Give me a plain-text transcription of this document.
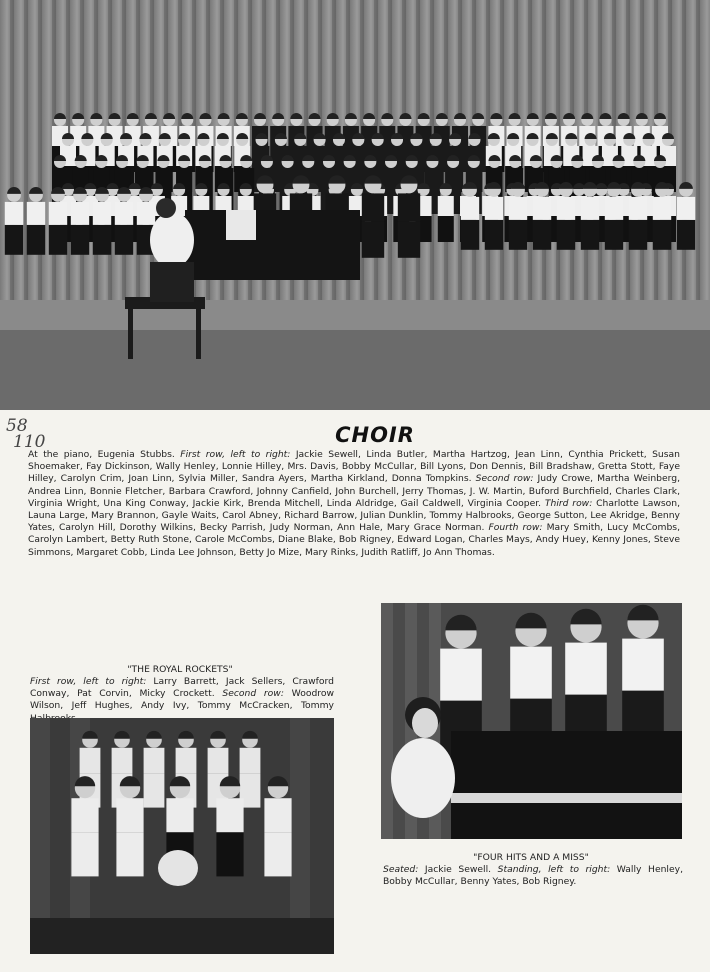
58
110	CHOIR
At the piano, Eugenia Stubbs. First row, left to right: Jackie Sewell, Linda Butler, Martha Hartzog, Jean Linn, Cynthia Prickett, Susan Shoemaker, Fay Dickinson, Wally Henley, Lonnie Hilley, Mrs. Davis, Bobby McCullar, Bill Lyons, Don Dennis, Bill Bradshaw, Gretta Stott, Faye Hilley, Carolyn Crim, Joan Linn, Sylvia Miller, Sandra Ayers, Martha Kirkland, Donna Tompkins. Second row: Judy Crowe, Martha Weinberg, Andrea Linn, Bonnie Fletcher, Barbara Crawford, Johnny Canfield, John Burchell, Jerry Thomas, J. W. Martin, Buford Burchfield, Charles Clark, Virginia Wright, Una King Conway, Jackie Kirk, Brenda Mitchell, Linda Aldridge, Gail Caldwell, Virginia Cooper. Third row: Charlotte Lawson, Launa Large, Mary Brannon, Gayle Waits, Carol Abney, Richard Barrow, Julian Dunklin, Tommy Halbrooks, George Sutton, Lee Akridge, Benny Yates, Carolyn Hill, Dorothy Wilkins, Becky Parrish, Judy Norman, Ann Hale, Mary Grace Norman. Fourth row: Mary Smith, Lucy McCombs, Carolyn Lambert, Betty Ruth Stone, Carole McCombs, Diane Blake, Bob Rigney, Edward Logan, Charles Mays, Andy Huey, Kenny Jones, Steve Simmons, Margaret Cobb, Linda Lee Johnson, Betty Jo Mize, Mary Rinks, Judith Ratliff, Jo Ann Thomas.
"THE ROYAL ROCKETS"
First row, left to right: Larry Barrett, Jack Sellers, Crawford Conway, Pat Corvin, Micky Crockett. Second row: Woodrow Wilson, Jeff Hughes, Andy Ivy, Tommy McCracken, Tommy
"FOUR HITS AND A MISS"
Seated: Jackie Sewell. Standing, left to right: Wally Henley, Bobby McCullar, Benny Yates, Bob Rigney.
